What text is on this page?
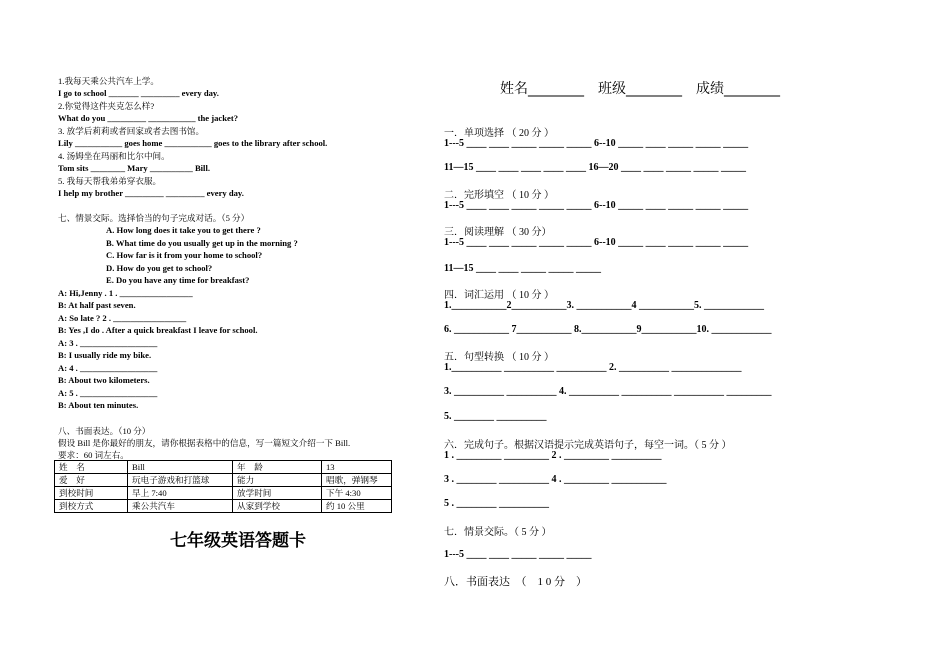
1.我每天乘公共汽车上学。
I go to school _______ _________ every day.
2.你觉得这件夹克怎么样?
What do you _________ ___________ the jacket?
3. 放学后莉莉或者回家或者去图书馆。
Lily ___________ goes home ___________ goes to the library after school.
4. 汤姆坐在玛丽和比尔中间。
Tom sits ________ Mary __________ Bill.
5. 我每天帮我弟弟穿衣服。
I help my brother _________ _________ every day.
七、情景交际。选择恰当的句子完成对话。（5 分）
A. How long does it take you to get there ?
B. What time do you usually get up in the morning ?
C. How far is it from your home to school?
D. How do you get to school?
E. Do you have any time for breakfast?
A: Hi,Jenny . 1 . _________________
B: At half past seven.
A: So late ? 2 . _________________
B: Yes ,I do . After a quick breakfast I leave for school.
A: 3 . __________________
B: I usually ride my bike.
A: 4 . __________________
B: About two kilometers.
A: 5 . __________________
B: About ten minutes.
八、书面表达。（10 分）
假设 Bill 是你最好的朋友，请你根据表格中的信息，写一篇短文介绍一下 Bill.
要求：60 词左右。
姓　名	Bill	年　龄	13
爱　好	玩电子游戏和打篮球	能力	唱歌，弹钢琴
到校时间	早上 7:40	放学时间	下午 4:30
到校方式	乘公共汽车	从家到学校	约 10 公里
七年级英语答题卡
姓名________　班级________　成绩________
一．单项选择 （ 20 分 ）
1---5 ____ ____ _____ _____ _____ 6--10 _____ ____ _____ _____ _____
11—15 ____ ____ ____ ____ ____ 16—20 ____ ____ _____ _____ _____
二．完形填空 （ 10 分 ）
1---5 ____ ____ _____ _____ _____ 6--10 _____ ____ _____ _____ _____
三．阅读理解 （ 30 分）
1---5 ____ ____ _____ _____ _____ 6--10 _____ ____ _____ _____ _____
11—15 ____ ____ _____ _____ _____
四．词汇运用 （ 10 分 ）
1.___________2___________3. ___________4 ___________5. ____________
6. ___________ 7___________ 8.___________9___________10. ____________
五．句型转换 （ 10 分 ）
1.__________ __________ __________ 2. __________ ______________
3. __________ __________ 4. __________ __________ __________ _________
5. ________ __________
六．完成句子。根据汉语提示完成英语句子，每空一词。（ 5 分 ）
1 . _________ _________ 2 . _________ __________
3 . ________ __________ 4 . _________ ___________
5 . ________ __________
七．情景交际。（ 5 分 ）
1---5 ____ ____ _____ _____ _____
八．书面表达　（　1 0 分　）
